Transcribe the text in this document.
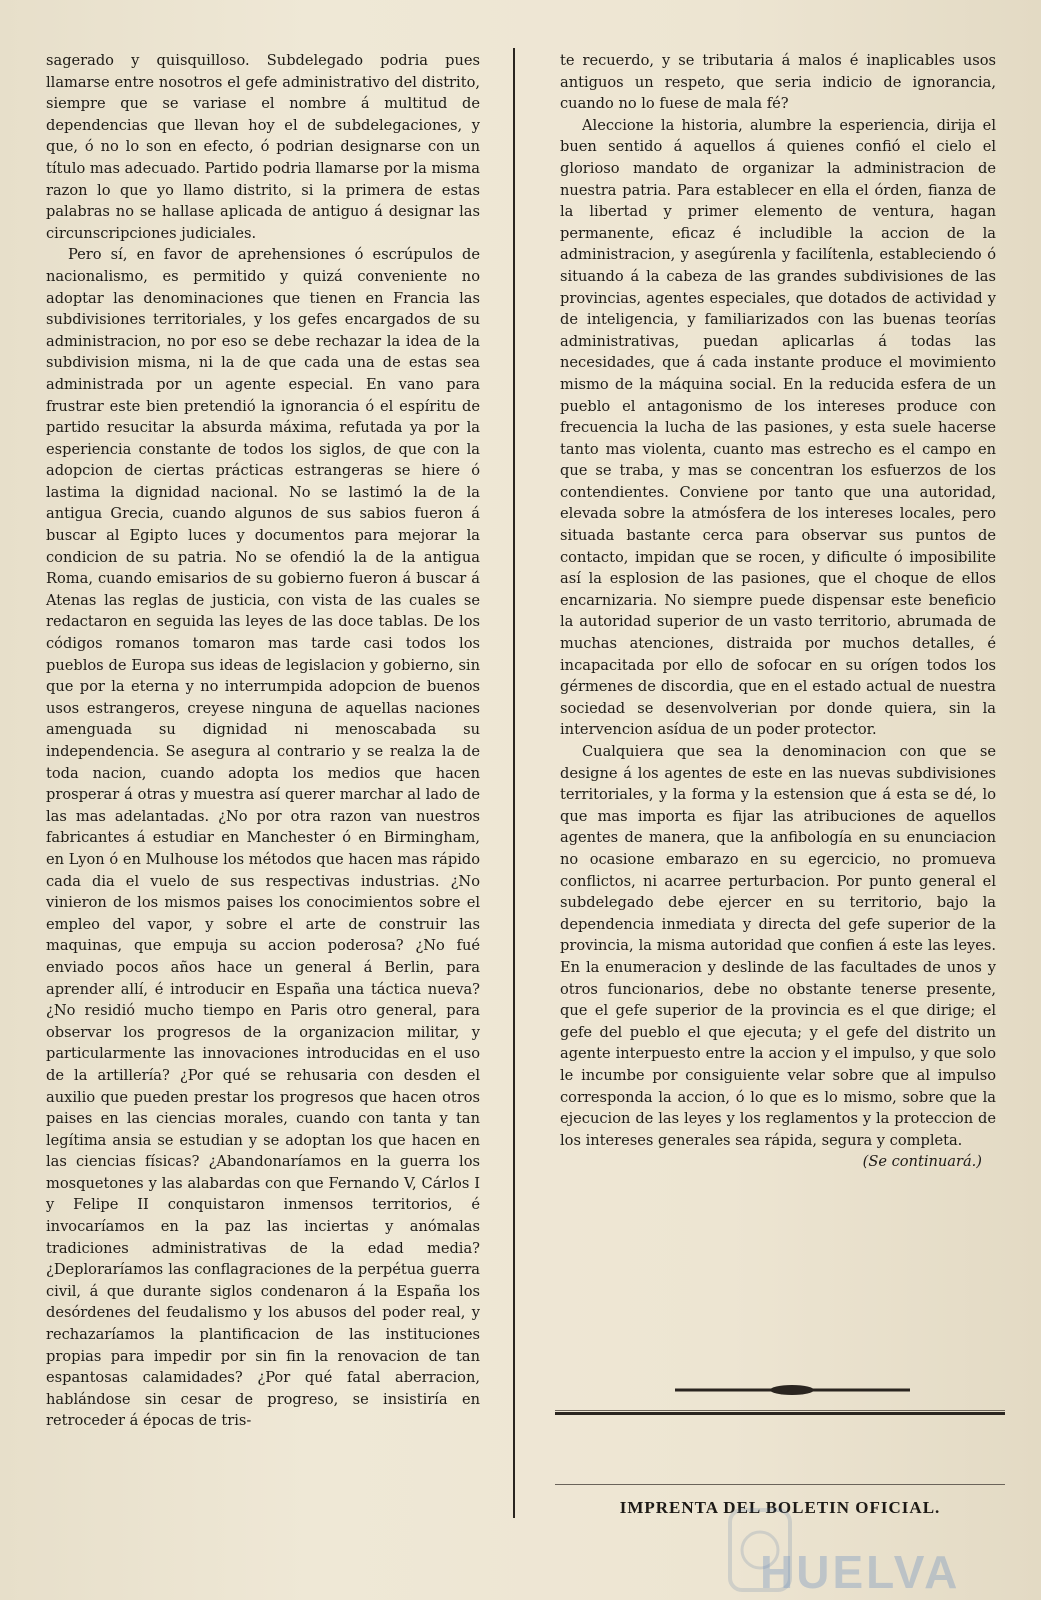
sagerado y quisquilloso. Subdelegado podria pues llamarse entre nosotros el gefe administrativo del distrito, siempre que se variase el nombre á multitud de dependencias que llevan hoy el de subdelegaciones, y que, ó no lo son en efecto, ó podrian designarse con un título mas adecuado. Partido podria llamarse por la misma razon lo que yo llamo distrito, si la primera de estas palabras no se hallase aplicada de antiguo á designar las circunscripciones judiciales.

Pero sí, en favor de aprehensiones ó escrúpulos de nacionalismo, es permitido y quizá conveniente no adoptar las denominaciones que tienen en Francia las subdivisiones territoriales, y los gefes encargados de su administracion, no por eso se debe rechazar la idea de la subdivision misma, ni la de que cada una de estas sea administrada por un agente especial. En vano para frustrar este bien pretendió la ignorancia ó el espíritu de partido resucitar la absurda máxima, refutada ya por la esperiencia constante de todos los siglos, de que con la adopcion de ciertas prácticas estrangeras se hiere ó lastima la dignidad nacional. No se lastimó la de la antigua Grecia, cuando algunos de sus sabios fueron á buscar al Egipto luces y documentos para mejorar la condicion de su patria. No se ofendió la de la antigua Roma, cuando emisarios de su gobierno fueron á buscar á Atenas las reglas de justicia, con vista de las cuales se redactaron en seguida las leyes de las doce tablas. De los códigos romanos tomaron mas tarde casi todos los pueblos de Europa sus ideas de legislacion y gobierno, sin que por la eterna y no interrumpida adopcion de buenos usos estrangeros, creyese ninguna de aquellas naciones amenguada su dignidad ni menoscabada su independencia. Se asegura al contrario y se realza la de toda nacion, cuando adopta los medios que hacen prosperar á otras y muestra así querer marchar al lado de las mas adelantadas. ¿No por otra razon van nuestros fabricantes á estudiar en Manchester ó en Birmingham, en Lyon ó en Mulhouse los métodos que hacen mas rápido cada dia el vuelo de sus respectivas industrias. ¿No vinieron de los mismos paises los conocimientos sobre el empleo del vapor, y sobre el arte de construir las maquinas, que empuja su accion poderosa? ¿No fué enviado pocos años hace un general á Berlin, para aprender allí, é introducir en España una táctica nueva? ¿No residió mucho tiempo en Paris otro general, para observar los progresos de la organizacion militar, y particularmente las innovaciones introducidas en el uso de la artillería? ¿Por qué se rehusaria con desden el auxilio que pueden prestar los progresos que hacen otros paises en las ciencias morales, cuando con tanta y tan legítima ansia se estudian y se adoptan los que hacen en las ciencias físicas? ¿Abandonaríamos en la guerra los mosquetones y las alabardas con que Fernando V, Cárlos I y Felipe II conquistaron inmensos territorios, é invocaríamos en la paz las inciertas y anómalas tradiciones administrativas de la edad media? ¿Deploraríamos las conflagraciones de la perpétua guerra civil, á que durante siglos condenaron á la España los desórdenes del feudalismo y los abusos del poder real, y rechazaríamos la plantificacion de las instituciones propias para impedir por sin fin la renovacion de tan espantosas calamidades? ¿Por qué fatal aberracion, hablándose sin cesar de progreso, se insistiría en retroceder á épocas de tris-

te recuerdo, y se tributaria á malos é inaplicables usos antiguos un respeto, que seria indicio de ignorancia, cuando no lo fuese de mala fé?

Aleccione la historia, alumbre la esperiencia, dirija el buen sentido á aquellos á quienes confió el cielo el glorioso mandato de organizar la administracion de nuestra patria. Para establecer en ella el órden, fianza de la libertad y primer elemento de ventura, hagan permanente, eficaz é includible la accion de la administracion, y asegúrenla y facilítenla, estableciendo ó situando á la cabeza de las grandes subdivisiones de las provincias, agentes especiales, que dotados de actividad y de inteligencia, y familiarizados con las buenas teorías administrativas, puedan aplicarlas á todas las necesidades, que á cada instante produce el movimiento mismo de la máquina social. En la reducida esfera de un pueblo el antagonismo de los intereses produce con frecuencia la lucha de las pasiones, y esta suele hacerse tanto mas violenta, cuanto mas estrecho es el campo en que se traba, y mas se concentran los esfuerzos de los contendientes. Conviene por tanto que una autoridad, elevada sobre la atmósfera de los intereses locales, pero situada bastante cerca para observar sus puntos de contacto, impidan que se rocen, y dificulte ó imposibilite así la esplosion de las pasiones, que el choque de ellos encarnizaria. No siempre puede dispensar este beneficio la autoridad superior de un vasto territorio, abrumada de muchas atenciones, distraida por muchos detalles, é incapacitada por ello de sofocar en su orígen todos los gérmenes de discordia, que en el estado actual de nuestra sociedad se desenvolverian por donde quiera, sin la intervencion asídua de un poder protector.

Cualquiera que sea la denominacion con que se designe á los agentes de este en las nuevas subdivisiones territoriales, y la forma y la estension que á esta se dé, lo que mas importa es fijar las atribuciones de aquellos agentes de manera, que la anfibología en su enunciacion no ocasione embarazo en su egercicio, no promueva conflictos, ni acarree perturbacion. Por punto general el subdelegado debe ejercer en su territorio, bajo la dependencia inmediata y directa del gefe superior de la provincia, la misma autoridad que confien á este las leyes. En la enumeracion y deslinde de las facultades de unos y otros funcionarios, debe no obstante tenerse presente, que el gefe superior de la provincia es el que dirige; el gefe del pueblo el que ejecuta; y el gefe del distrito un agente interpuesto entre la accion y el impulso, y que solo le incumbe por consiguiente velar sobre que al impulso corresponda la accion, ó lo que es lo mismo, sobre que la ejecucion de las leyes y los reglamentos y la proteccion de los intereses generales sea rápida, segura y completa.

(Se continuará.)

IMPRENTA DEL BOLETIN OFICIAL.
HUELVA
